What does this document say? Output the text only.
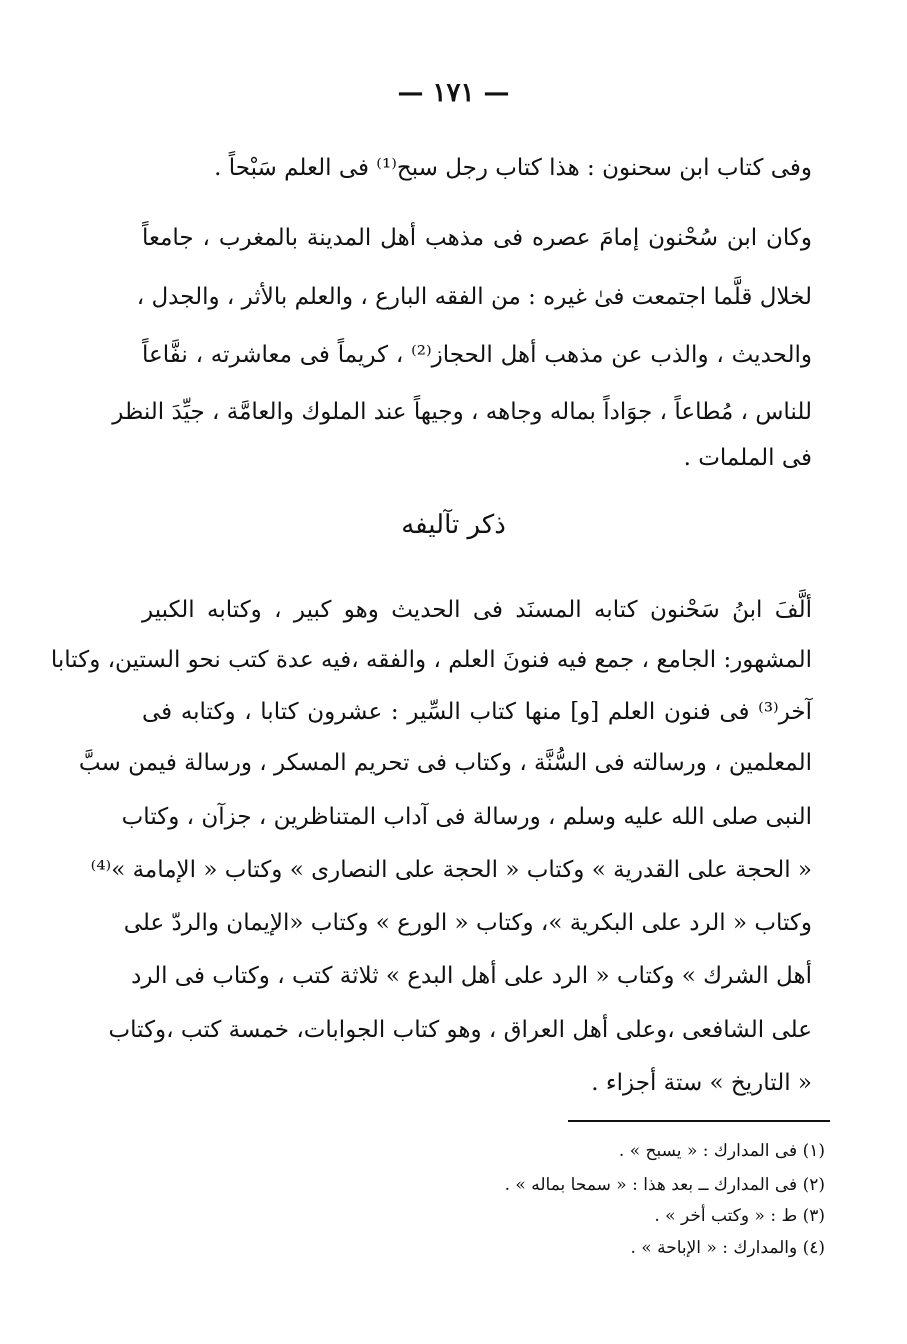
— ١٧١ —
وفى كتاب ابن سحنون : هذا كتاب رجل سبح⁽¹⁾ فى العلم سَبْحاً .
وكان ابن سُحْنون إمامَ عصره فى مذهب أهل المدينة بالمغرب ، جامعاً
لخلال قلَّما اجتمعت فىٰ غيره : من الفقه البارع ، والعلم بالأثر ، والجدل ،
والحديث ، والذب عن مذهب أهل الحجاز⁽²⁾ ، كريماً فى معاشرته ، نفَّاعاً
للناس ، مُطاعاً ، جوَاداً بماله وجاهه ، وجيهاً عند الملوك والعامَّة ، جيِّدَ النظر
فى الملمات .
ذكر تآليفه
ألَّفَ ابنُ سَحْنون كتابه المسنَد فى الحديث وهو كبير ، وكتابه الكبير
المشهور: الجامع ، جمع فيه فنونَ العلم ، والفقه ،فيه عدة كتب نحو الستين، وكتابا
آخر⁽³⁾ فى فنون العلم [و] منها كتاب السِّير : عشرون كتابا ، وكتابه فى
المعلمين ، ورسالته فى السُّنَّة ، وكتاب فى تحريم المسكر ، ورسالة فيمن سبَّ
النبى صلى الله عليه وسلم ، ورسالة فى آداب المتناظرين ، جزآن ، وكتاب
« الحجة على القدرية » وكتاب « الحجة على النصارى » وكتاب « الإمامة »⁽⁴⁾
وكتاب « الرد على البكرية »، وكتاب « الورع » وكتاب «الإيمان والردّ على
أهل الشرك » وكتاب « الرد على أهل البدع » ثلاثة كتب ، وكتاب فى الرد
على الشافعى ،وعلى أهل العراق ، وهو كتاب الجوابات، خمسة كتب ،وكتاب
« التاريخ » ستة أجزاء .
(١) فى المدارك : « يسبح » .
(٢) فى المدارك ــ بعد هذا : « سمحا بماله » .
(٣) ط : « وكتب أخر » .
(٤) والمدارك : « الإباحة » .
